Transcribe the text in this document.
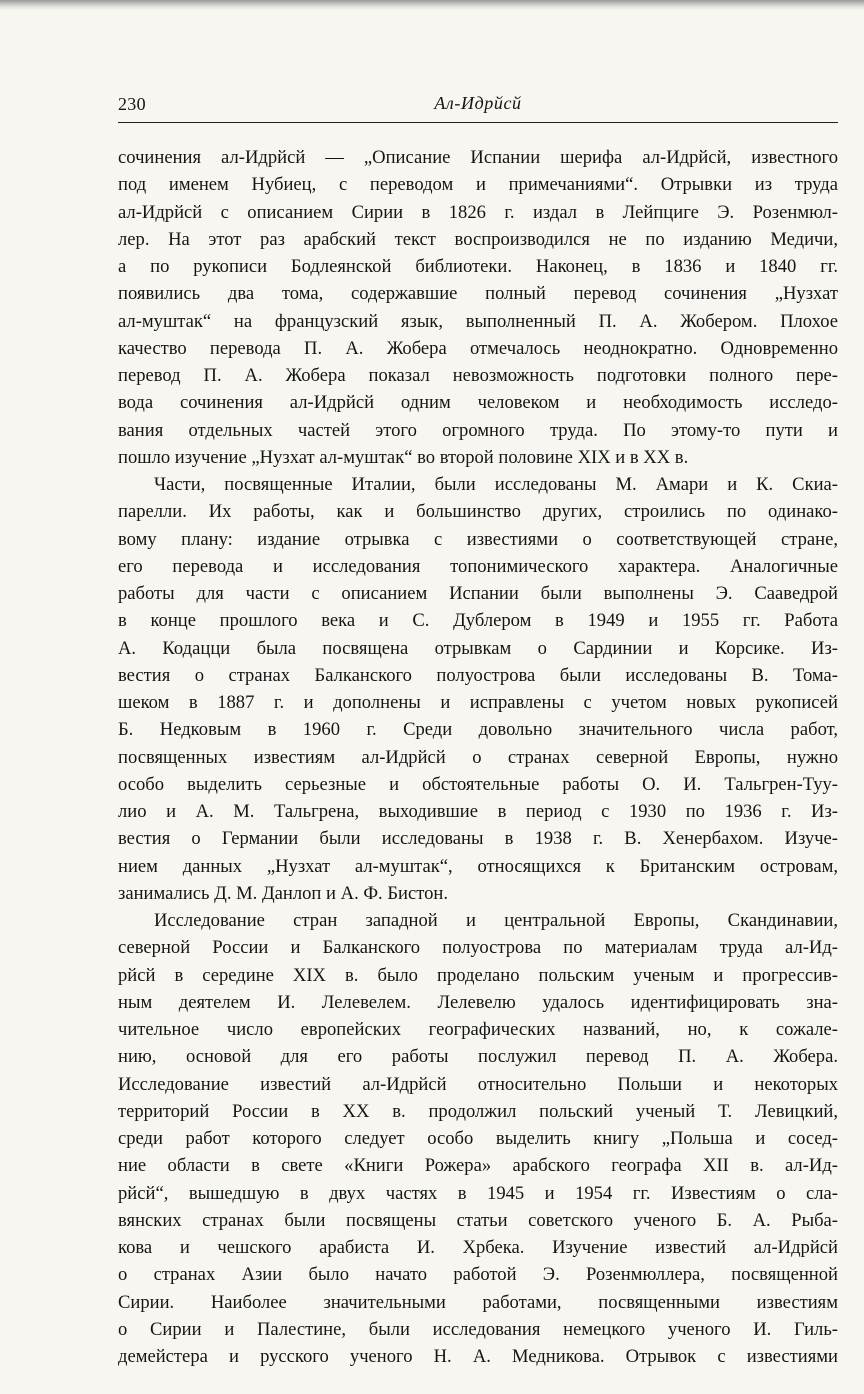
230	Ал-Идрйсй
сочинения ал-Идрйсй — „Описание Испании шерифа ал-Идрйсй, известного
под именем Нубиец, с переводом и примечаниями“. Отрывки из труда
ал-Идрйсй с описанием Сирии в 1826 г. издал в Лейпциге Э. Розенмюл-
лер. На этот раз арабский текст воспроизводился не по изданию Медичи,
а по рукописи Бодлеянской библиотеки. Наконец, в 1836 и 1840 гг.
появились два тома, содержавшие полный перевод сочинения „Нузхат
ал-муштак“ на французский язык, выполненный П. А. Жобером. Плохое
качество перевода П. А. Жобера отмечалось неоднократно. Одновременно
перевод П. А. Жобера показал невозможность подготовки полного пере-
вода сочинения ал-Идрйсй одним человеком и необходимость исследо-
вания отдельных частей этого огромного труда. По этому-то пути и
пошло изучение „Нузхат ал-муштак“ во второй половине XIX и в XX в.
Части, посвященные Италии, были исследованы М. Амари и К. Скиа-
парелли. Их работы, как и большинство других, строились по одинако-
вому плану: издание отрывка с известиями о соответствующей стране,
его перевода и исследования топонимического характера. Аналогичные
работы для части с описанием Испании были выполнены Э. Сааведрой
в конце прошлого века и С. Дублером в 1949 и 1955 гг. Работа
А. Кодацци была посвящена отрывкам о Сардинии и Корсике. Из-
вестия о странах Балканского полуострова были исследованы В. Тома-
шеком в 1887 г. и дополнены и исправлены с учетом новых рукописей
Б. Недковым в 1960 г. Среди довольно значительного числа работ,
посвященных известиям ал-Идрйсй о странах северной Европы, нужно
особо выделить серьезные и обстоятельные работы О. И. Тальгрен-Туу-
лио и А. М. Тальгрена, выходившие в период с 1930 по 1936 г. Из-
вестия о Германии были исследованы в 1938 г. В. Хенербахом. Изуче-
нием данных „Нузхат ал-муштак“, относящихся к Британским островам,
занимались Д. М. Данлоп и А. Ф. Бистон.
Исследование стран западной и центральной Европы, Скандинавии,
северной России и Балканского полуострова по материалам труда ал-Ид-
рйсй в середине XIX в. было проделано польским ученым и прогрессив-
ным деятелем И. Лелевелем. Лелевелю удалось идентифицировать зна-
чительное число европейских географических названий, но, к сожале-
нию, основой для его работы послужил перевод П. А. Жобера.
Исследование известий ал-Идрйсй относительно Польши и некоторых
территорий России в XX в. продолжил польский ученый Т. Левицкий,
среди работ которого следует особо выделить книгу „Польша и сосед-
ние области в свете «Книги Рожера» арабского географа XII в. ал-Ид-
рйсй“, вышедшую в двух частях в 1945 и 1954 гг. Известиям о сла-
вянских странах были посвящены статьи советского ученого Б. А. Рыба-
кова и чешского арабиста И. Хрбека. Изучение известий ал-Идрйсй
о странах Азии было начато работой Э. Розенмюллера, посвященной
Сирии. Наиболее значительными работами, посвященными известиям
о Сирии и Палестине, были исследования немецкого ученого И. Гиль-
демейстера и русского ученого Н. А. Медникова. Отрывок с известиями
